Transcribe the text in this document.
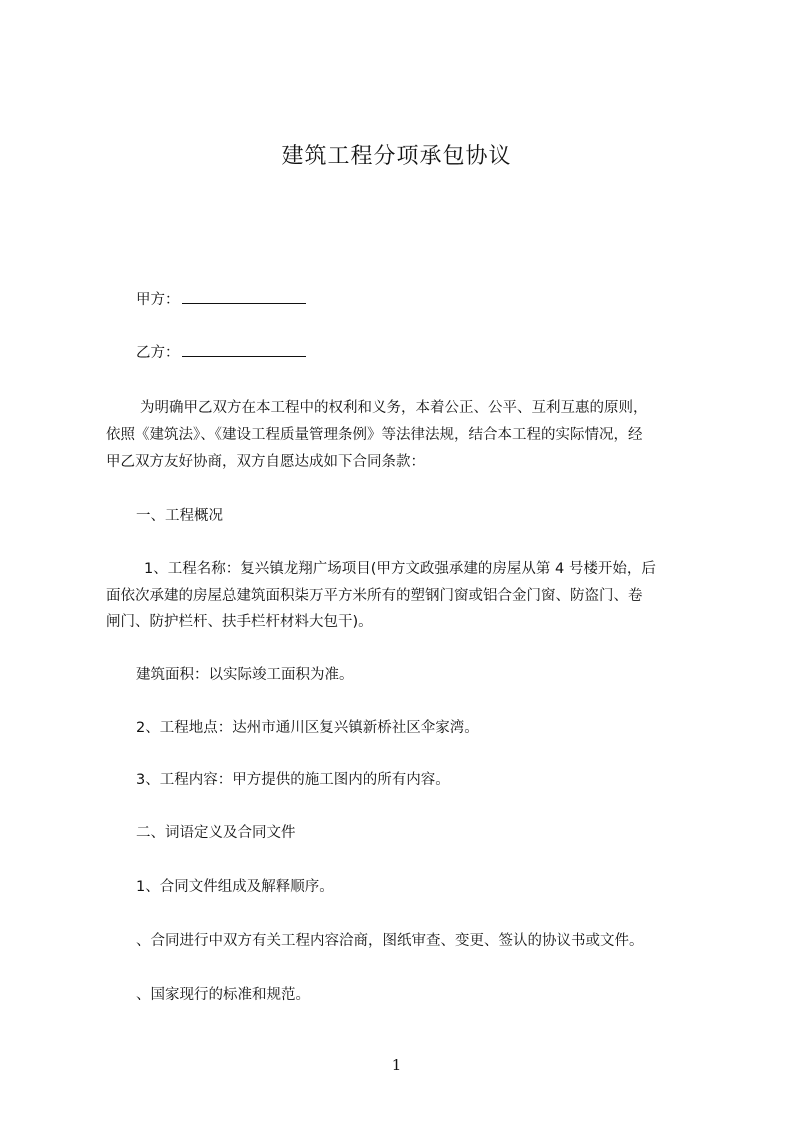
建筑工程分项承包协议

甲方：

乙方：

为明确甲乙双方在本工程中的权利和义务，本着公正、公平、互利互惠的原则，

依照《建筑法》、《建设工程质量管理条例》等法律法规，结合本工程的实际情况，经

甲乙双方友好协商，双方自愿达成如下合同条款：

一、工程概况

1、工程名称：复兴镇龙翔广场项目(甲方文政强承建的房屋从第 4 号楼开始，后

面依次承建的房屋总建筑面积柒万平方米所有的塑钢门窗或铝合金门窗、防盗门、卷

闸门、防护栏杆、扶手栏杆材料大包干)。

建筑面积：以实际竣工面积为准。

2、工程地点：达州市通川区复兴镇新桥社区伞家湾。

3、工程内容：甲方提供的施工图内的所有内容。

二、词语定义及合同文件

1、合同文件组成及解释顺序。

、合同进行中双方有关工程内容洽商，图纸审查、变更、签认的协议书或文件。

、国家现行的标准和规范。

1
